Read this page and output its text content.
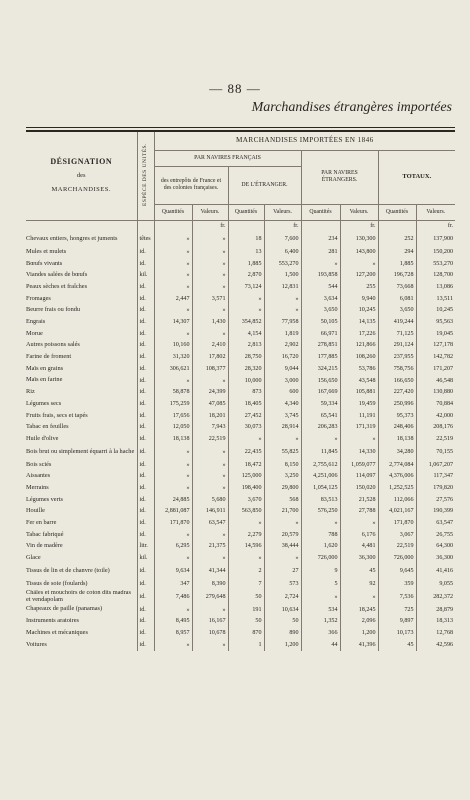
— 88 —
Marchandises étrangères importées
DÉSIGNATION
des
MARCHANDISES.	ESPÈCE DES UNITÉS.	MARCHANDISES IMPORTÉES EN 1846							
		PAR NAVIRES FRANÇAIS				PAR NAVIRES ÉTRANGERS.		TOTAUX.	
		des entrepôts de France et des colonies françaises.		DE L'ÉTRANGER.					
		Quantités	Valeurs.	Quantités	Valeurs.	Quantités	Valeurs.	Quantités	Valeurs.
			fr.		fr.		fr.		fr.
Chevaux entiers, hongres et juments	têtes	»	»	18	7,600	234	130,300	252	137,900
Mules et mulets	id.	»	»	13	6,400	281	143,800	294	150,200
Bœufs vivants	id.	»	»	1,885	553,270	»	»	1,885	553,270
Viandes salées de bœufs	kil.	»	»	2,870	1,500	193,858	127,200	196,728	128,700
Peaux sèches et fraîches	id.	»	»	73,124	12,831	544	255	73,668	13,086
Fromages	id.	2,447	3,571	»	»	3,634	9,940	6,081	13,511
Beurre frais ou fondu	id.	»	»	»	»	3,650	10,245	3,650	10,245
Engrais	id.	14,307	1,430	354,852	77,958	50,105	14,135	419,244	95,563
Morue	id.	»	»	4,154	1,819	66,971	17,226	71,125	19,045
Autres poissons salés	id.	10,160	2,410	2,813	2,902	278,851	121,866	291,124	127,178
Farine de froment	id.	31,320	17,802	28,750	16,720	177,885	108,260	237,955	142,782
Maïs en grains	id.	306,621	108,377	28,320	9,044	324,215	53,786	758,756	171,207
Maïs en farine	id.	»	»	10,000	3,000	156,650	43,548	166,650	46,548
Riz	id.	58,878	24,399	873	600	167,669	105,881	227,420	130,880
Légumes secs	id.	175,259	47,085	18,405	4,340	59,334	19,459	250,996	70,884
Fruits frais, secs et tapés	id.	17,656	18,201	27,452	3,745	65,541	11,191	95,373	42,000
Tabac en feuilles	id.	12,050	7,943	30,073	28,914	206,283	171,319	248,406	208,176
Huile d'olive	id.	18,138	22,519	»	»	»	»	18,138	22,519
Bois brut ou simplement équarri à la hache	id.	»	»	22,435	55,825	11,845	14,330	34,280	70,155
Bois sciés	id.	»	»	18,472	8,150	2,755,612	1,059,077	2,774,084	1,067,207
Aissantes	id.	»	»	125,000	3,250	4,251,006	114,097	4,376,006	117,347
Merrains	id.	»	»	198,400	29,800	1,054,125	150,020	1,252,525	179,820
Légumes verts	id.	24,885	5,680	3,670	568	83,513	21,528	112,066	27,576
Houille	id.	2,881,087	146,911	563,850	21,700	576,250	27,788	4,021,167	190,399
Fer en barre	id.	171,870	63,547	»	»	»	»	171,870	63,547
Tabac fabriqué	id.	»	»	2,279	20,579	788	6,176	3,067	26,755
Vin de madère	litr.	6,295	21,375	14,596	38,444	1,620	4,481	22,519	64,300
Glace	kil.	»	»	»	»	726,000	36,300	726,000	36,300
Tissus de lin et de chanvre (toile)	id.	9,634	41,344	2	27	9	45	9,645	41,416
Tissus de soie (foulards)	id.	347	8,390	7	573	5	92	359	9,055
Châles et mouchoirs de coton dits madras et vendapolam	id.	7,486	279,648	50	2,724	»	»	7,536	282,372
Chapeaux de paille (panamas)	id.	»	»	191	10,634	534	18,245	725	28,879
Instruments aratoires	id.	8,495	16,167	50	50	1,352	2,096	9,897	18,313
Machines et mécaniques	id.	8,957	10,678	870	890	366	1,200	10,173	12,768
Voitures	id.	»	»	1	1,200	44	41,396	45	42,596
